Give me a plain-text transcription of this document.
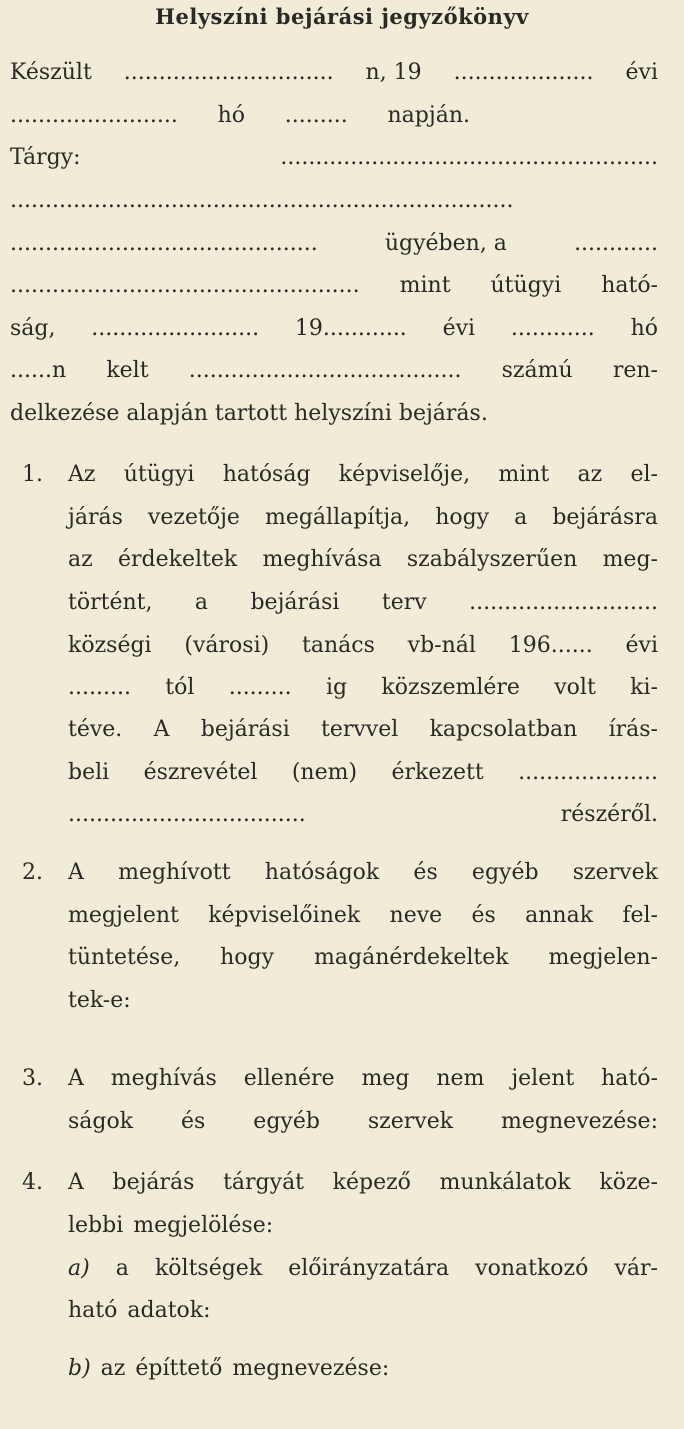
Helyszíni bejárási jegyzőkönyv
Készült .............................. n, 19 .................... évi
........................ hó ......... napján.
Tárgy:	......................................................
........................................................................
............................................	ügyében, a	............
.................................................. mint útügyi ható-
ság, ........................ 19............ évi ............ hó
......n kelt ....................................... számú ren-
delkezése alapján tartott helyszíni bejárás.
1. Az útügyi hatóság képviselője, mint az el-
járás vezetője megállapítja, hogy a bejárásra
az érdekeltek meghívása szabályszerűen meg-
történt, a bejárási terv ...........................
községi (városi) tanács vb-nál 196...... évi
......... tól ......... ig közszemlére volt ki-
téve. A bejárási tervvel kapcsolatban írás-
beli észrevétel (nem) érkezett ....................
..................................	részéről.
2. A meghívott hatóságok és egyéb szervek
megjelent képviselőinek neve és annak fel-
tüntetése, hogy magánérdekeltek megjelen-
tek-e:
3. A meghívás ellenére meg nem jelent ható-
ságok és egyéb szervek megnevezése:
4. A bejárás tárgyát képező munkálatok köze-
lebbi megjelölése:
a) a költségek előirányzatára vonatkozó vár-
ható adatok:
b) az építtető megnevezése:
